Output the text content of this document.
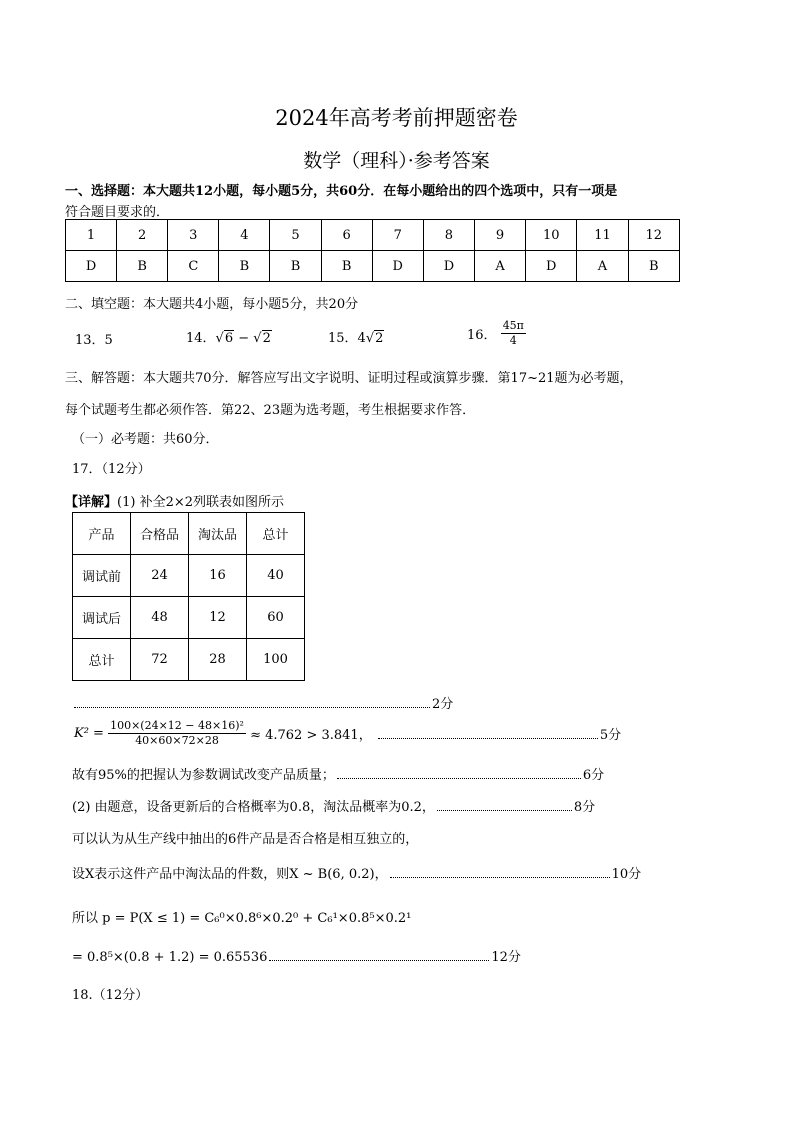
2024年高考考前押题密卷
数学（理科）·参考答案
一、选择题：本大题共12小题，每小题5分，共60分．在每小题给出的四个选项中，只有一项是
符合题目要求的．
1	2	3	4	5	6	7	8	9	10	11	12
D	B	C	B	B	B	D	D	A	D	A	B
二、填空题：本大题共4小题，每小题5分，共20分
13．5	14．√6 − √2	15．4√2	16． $\frac{45\pi}{4}$
三、解答题：本大题共70分．解答应写出文字说明、证明过程或演算步骤．第17~21题为必考题，
每个试题考生都必须作答．第22、23题为选考题，考生根据要求作答．
（一）必考题：共60分．
17．（12分）
【详解】(1) 补全2×2列联表如图所示
产品	合格品	淘汰品	总计
调试前	24	16	40
调试后	48	12	60
总计	72	28	100
2分
$K^2 = \frac{\text{100×(24×12 − 48×16)²}}{40\times 60\times 72\times 28} \approx 4.762 > 3.841$，	5分
故有95%的把握认为参数调试改变产品质量；	6分
(2) 由题意，设备更新后的合格概率为0.8，淘汰品概率为0.2，	8分
可以认为从生产线中抽出的6件产品是否合格是相互独立的，
设X表示这件产品中淘汰品的件数，则X ~ B(6, 0.2)，	10分
所以 p = P(X ≤ 1) = C₆⁰×0.8⁶×0.2⁰ + C₆¹×0.8⁵×0.2¹
= 0.8⁵×(0.8 + 1.2) = 0.65536	12分
18.（12分）
